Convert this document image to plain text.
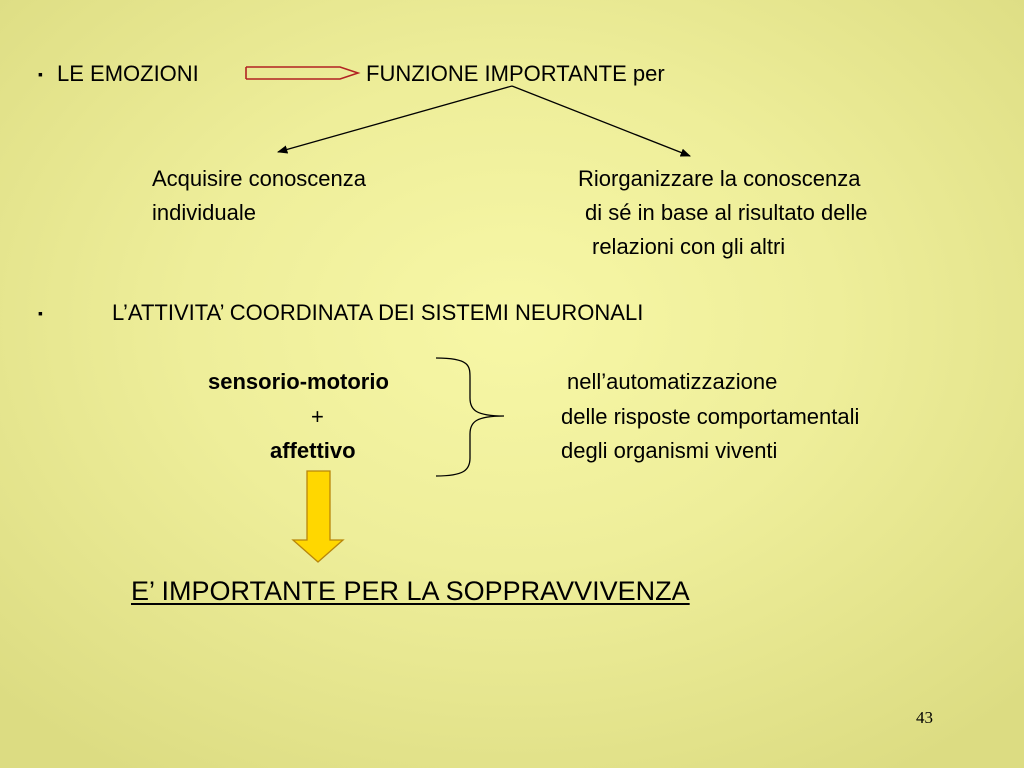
▪ LE EMOZIONI	FUNZIONE IMPORTANTE per
Acquisire conoscenza
individuale
Riorganizzare la conoscenza
di sé in base al risultato delle
relazioni con gli altri
▪	L’ATTIVITA’ COORDINATA DEI SISTEMI NEURONALI
sensorio-motorio
+
affettivo
nell’automatizzazione
delle risposte comportamentali
degli organismi viventi
E’ IMPORTANTE PER LA SOPPRAVVIVENZA
43
